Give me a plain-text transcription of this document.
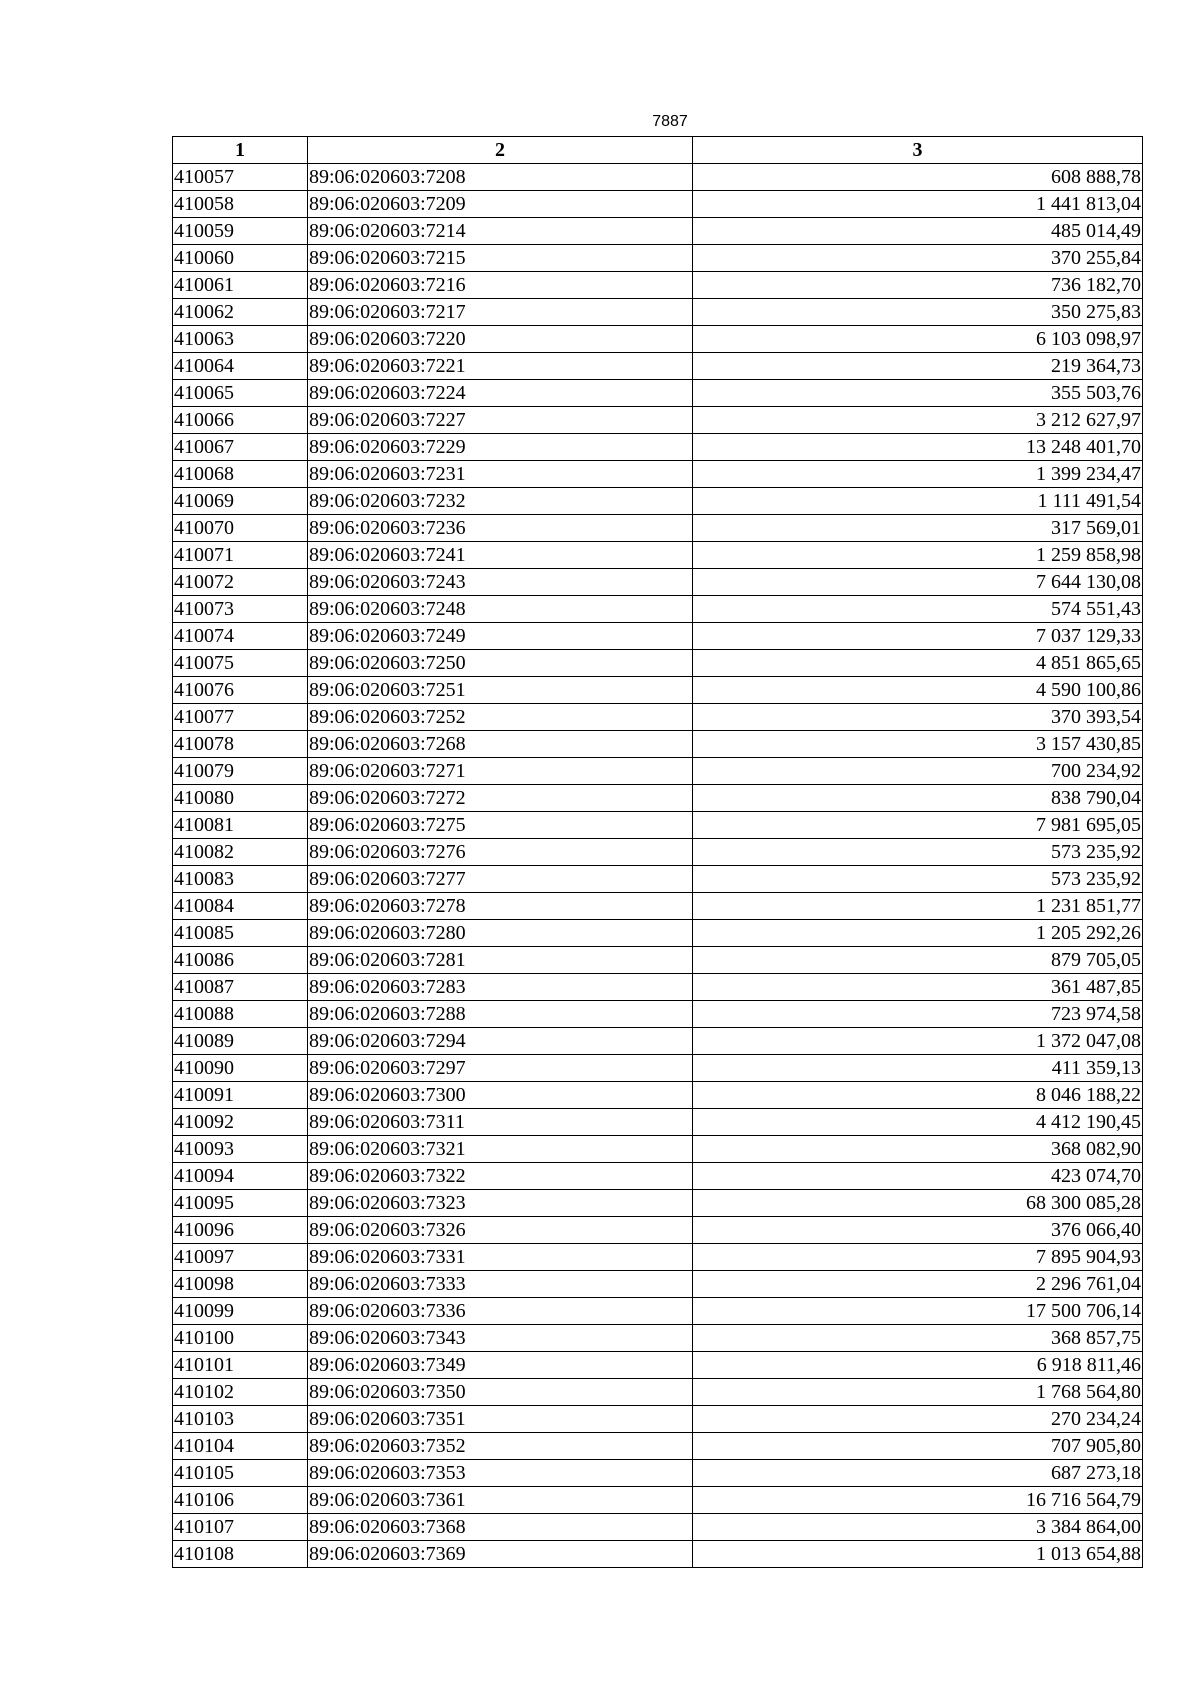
7887
1	2	3
410057	89:06:020603:7208	608 888,78
410058	89:06:020603:7209	1 441 813,04
410059	89:06:020603:7214	485 014,49
410060	89:06:020603:7215	370 255,84
410061	89:06:020603:7216	736 182,70
410062	89:06:020603:7217	350 275,83
410063	89:06:020603:7220	6 103 098,97
410064	89:06:020603:7221	219 364,73
410065	89:06:020603:7224	355 503,76
410066	89:06:020603:7227	3 212 627,97
410067	89:06:020603:7229	13 248 401,70
410068	89:06:020603:7231	1 399 234,47
410069	89:06:020603:7232	1 111 491,54
410070	89:06:020603:7236	317 569,01
410071	89:06:020603:7241	1 259 858,98
410072	89:06:020603:7243	7 644 130,08
410073	89:06:020603:7248	574 551,43
410074	89:06:020603:7249	7 037 129,33
410075	89:06:020603:7250	4 851 865,65
410076	89:06:020603:7251	4 590 100,86
410077	89:06:020603:7252	370 393,54
410078	89:06:020603:7268	3 157 430,85
410079	89:06:020603:7271	700 234,92
410080	89:06:020603:7272	838 790,04
410081	89:06:020603:7275	7 981 695,05
410082	89:06:020603:7276	573 235,92
410083	89:06:020603:7277	573 235,92
410084	89:06:020603:7278	1 231 851,77
410085	89:06:020603:7280	1 205 292,26
410086	89:06:020603:7281	879 705,05
410087	89:06:020603:7283	361 487,85
410088	89:06:020603:7288	723 974,58
410089	89:06:020603:7294	1 372 047,08
410090	89:06:020603:7297	411 359,13
410091	89:06:020603:7300	8 046 188,22
410092	89:06:020603:7311	4 412 190,45
410093	89:06:020603:7321	368 082,90
410094	89:06:020603:7322	423 074,70
410095	89:06:020603:7323	68 300 085,28
410096	89:06:020603:7326	376 066,40
410097	89:06:020603:7331	7 895 904,93
410098	89:06:020603:7333	2 296 761,04
410099	89:06:020603:7336	17 500 706,14
410100	89:06:020603:7343	368 857,75
410101	89:06:020603:7349	6 918 811,46
410102	89:06:020603:7350	1 768 564,80
410103	89:06:020603:7351	270 234,24
410104	89:06:020603:7352	707 905,80
410105	89:06:020603:7353	687 273,18
410106	89:06:020603:7361	16 716 564,79
410107	89:06:020603:7368	3 384 864,00
410108	89:06:020603:7369	1 013 654,88
